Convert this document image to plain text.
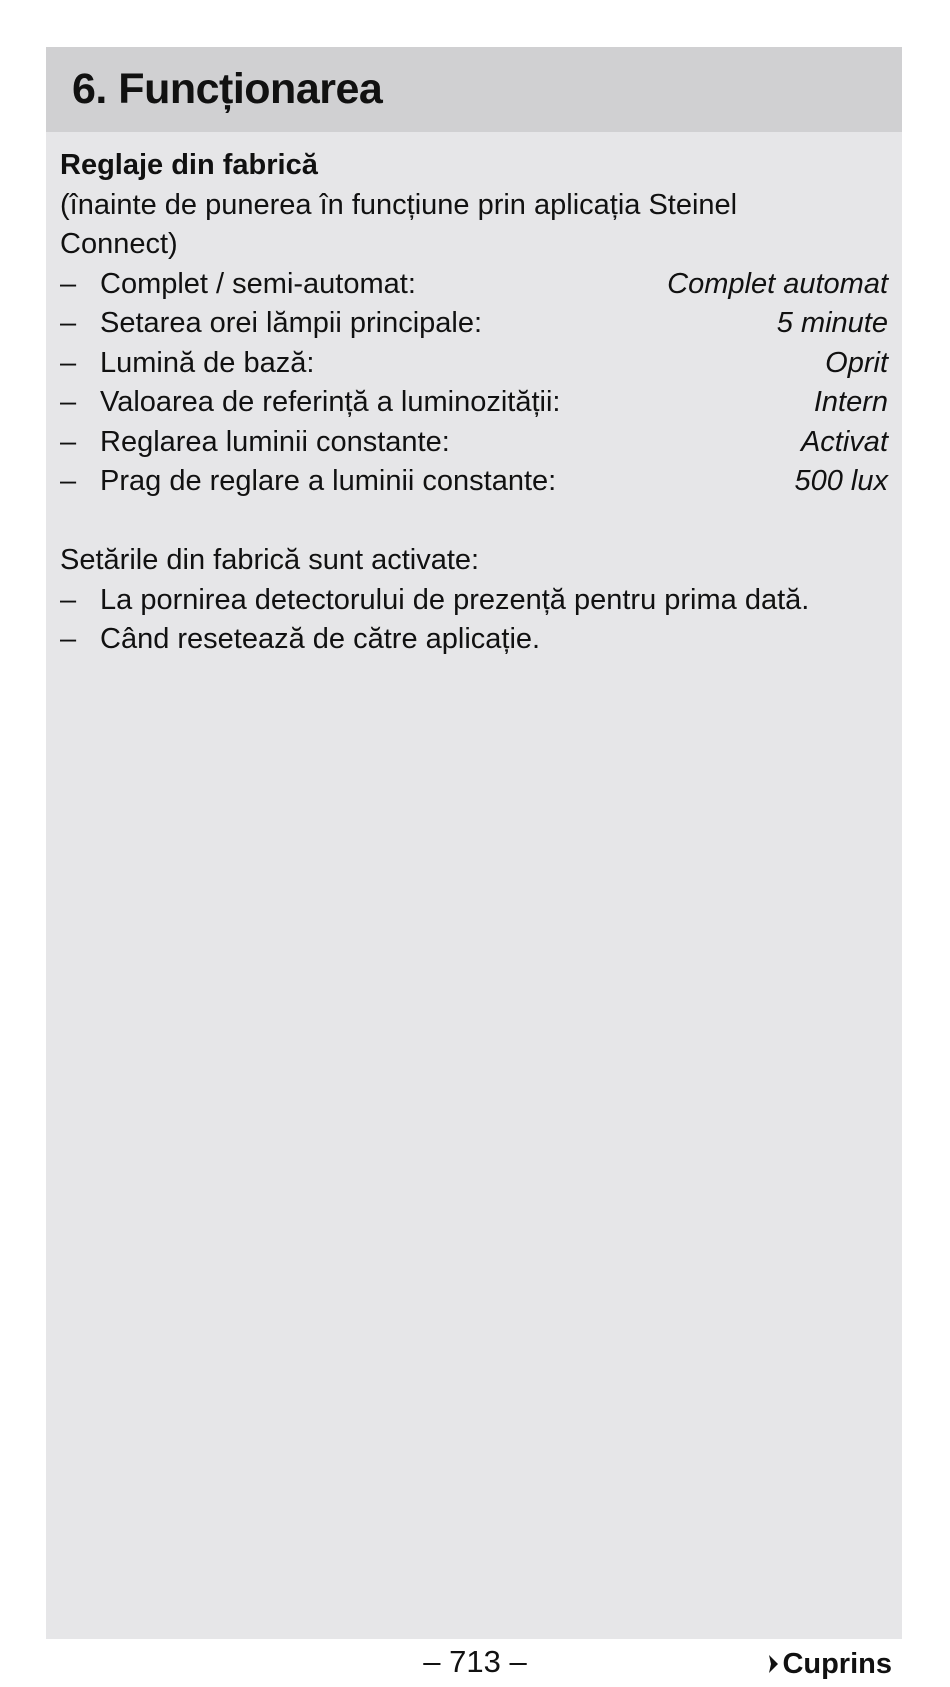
6. Funcționarea
Reglaje din fabrică
(înainte de punerea în funcțiune prin aplicația Steinel Connect)
– Complet / semi-automat:	Complet automat
– Setarea orei lămpii principale:	5 minute
– Lumină de bază:	Oprit
– Valoarea de referință a luminozității:	Intern
– Reglarea luminii constante:	Activat
– Prag de reglare a luminii constante:	500 lux
Setările din fabrică sunt activate:
– La pornirea detectorului de prezență pentru prima dată.
– Când resetează de către aplicație.
– 713 –	Cuprins
